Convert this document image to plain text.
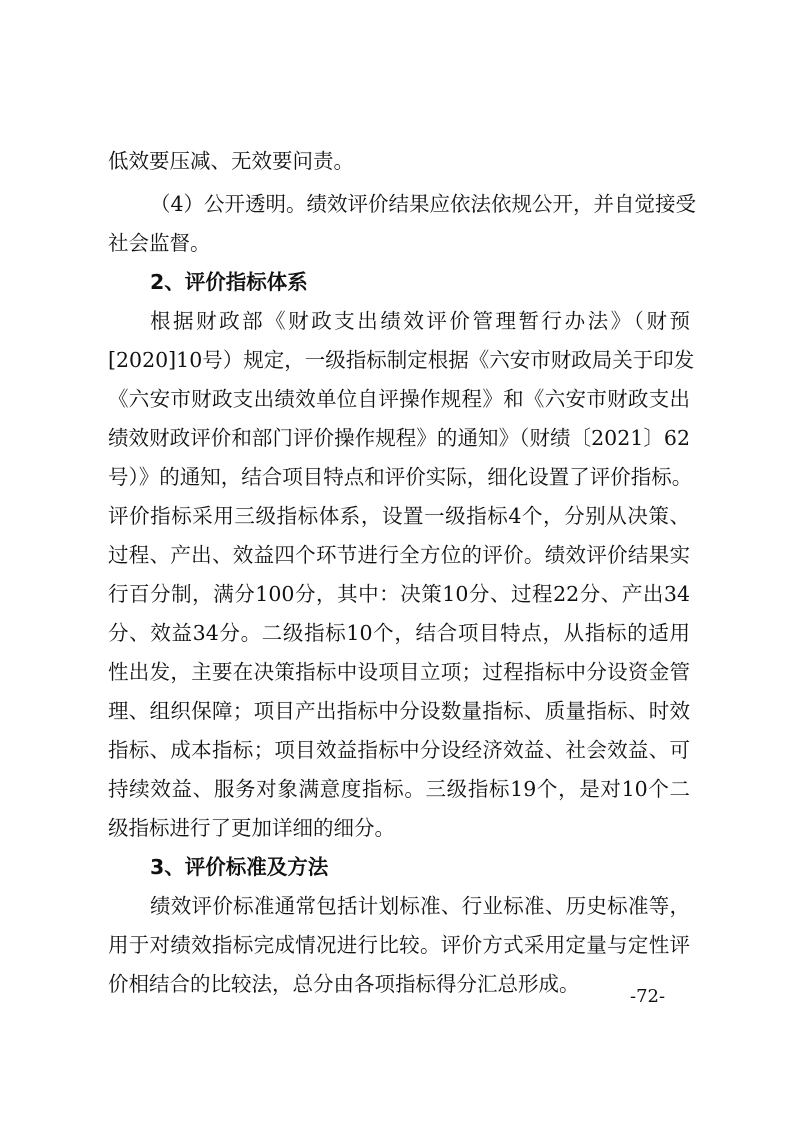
低效要压减、无效要问责。
（4）公开透明。绩效评价结果应依法依规公开，并自觉接受
社会监督。
2、评价指标体系
根据财政部《财政支出绩效评价管理暂行办法》（财预
[2020]10号）规定，一级指标制定根据《六安市财政局关于印发
《六安市财政支出绩效单位自评操作规程》和《六安市财政支出
绩效财政评价和部门评价操作规程》的通知》（财绩〔2021〕62
号）》的通知，结合项目特点和评价实际，细化设置了评价指标。
评价指标采用三级指标体系，设置一级指标4个，分别从决策、
过程、产出、效益四个环节进行全方位的评价。绩效评价结果实
行百分制，满分100分，其中：决策10分、过程22分、产出34
分、效益34分。二级指标10个，结合项目特点，从指标的适用
性出发，主要在决策指标中设项目立项；过程指标中分设资金管
理、组织保障；项目产出指标中分设数量指标、质量指标、时效
指标、成本指标；项目效益指标中分设经济效益、社会效益、可
持续效益、服务对象满意度指标。三级指标19个，是对10个二
级指标进行了更加详细的细分。
3、评价标准及方法
绩效评价标准通常包括计划标准、行业标准、历史标准等，
用于对绩效指标完成情况进行比较。评价方式采用定量与定性评
价相结合的比较法，总分由各项指标得分汇总形成。
-72-
